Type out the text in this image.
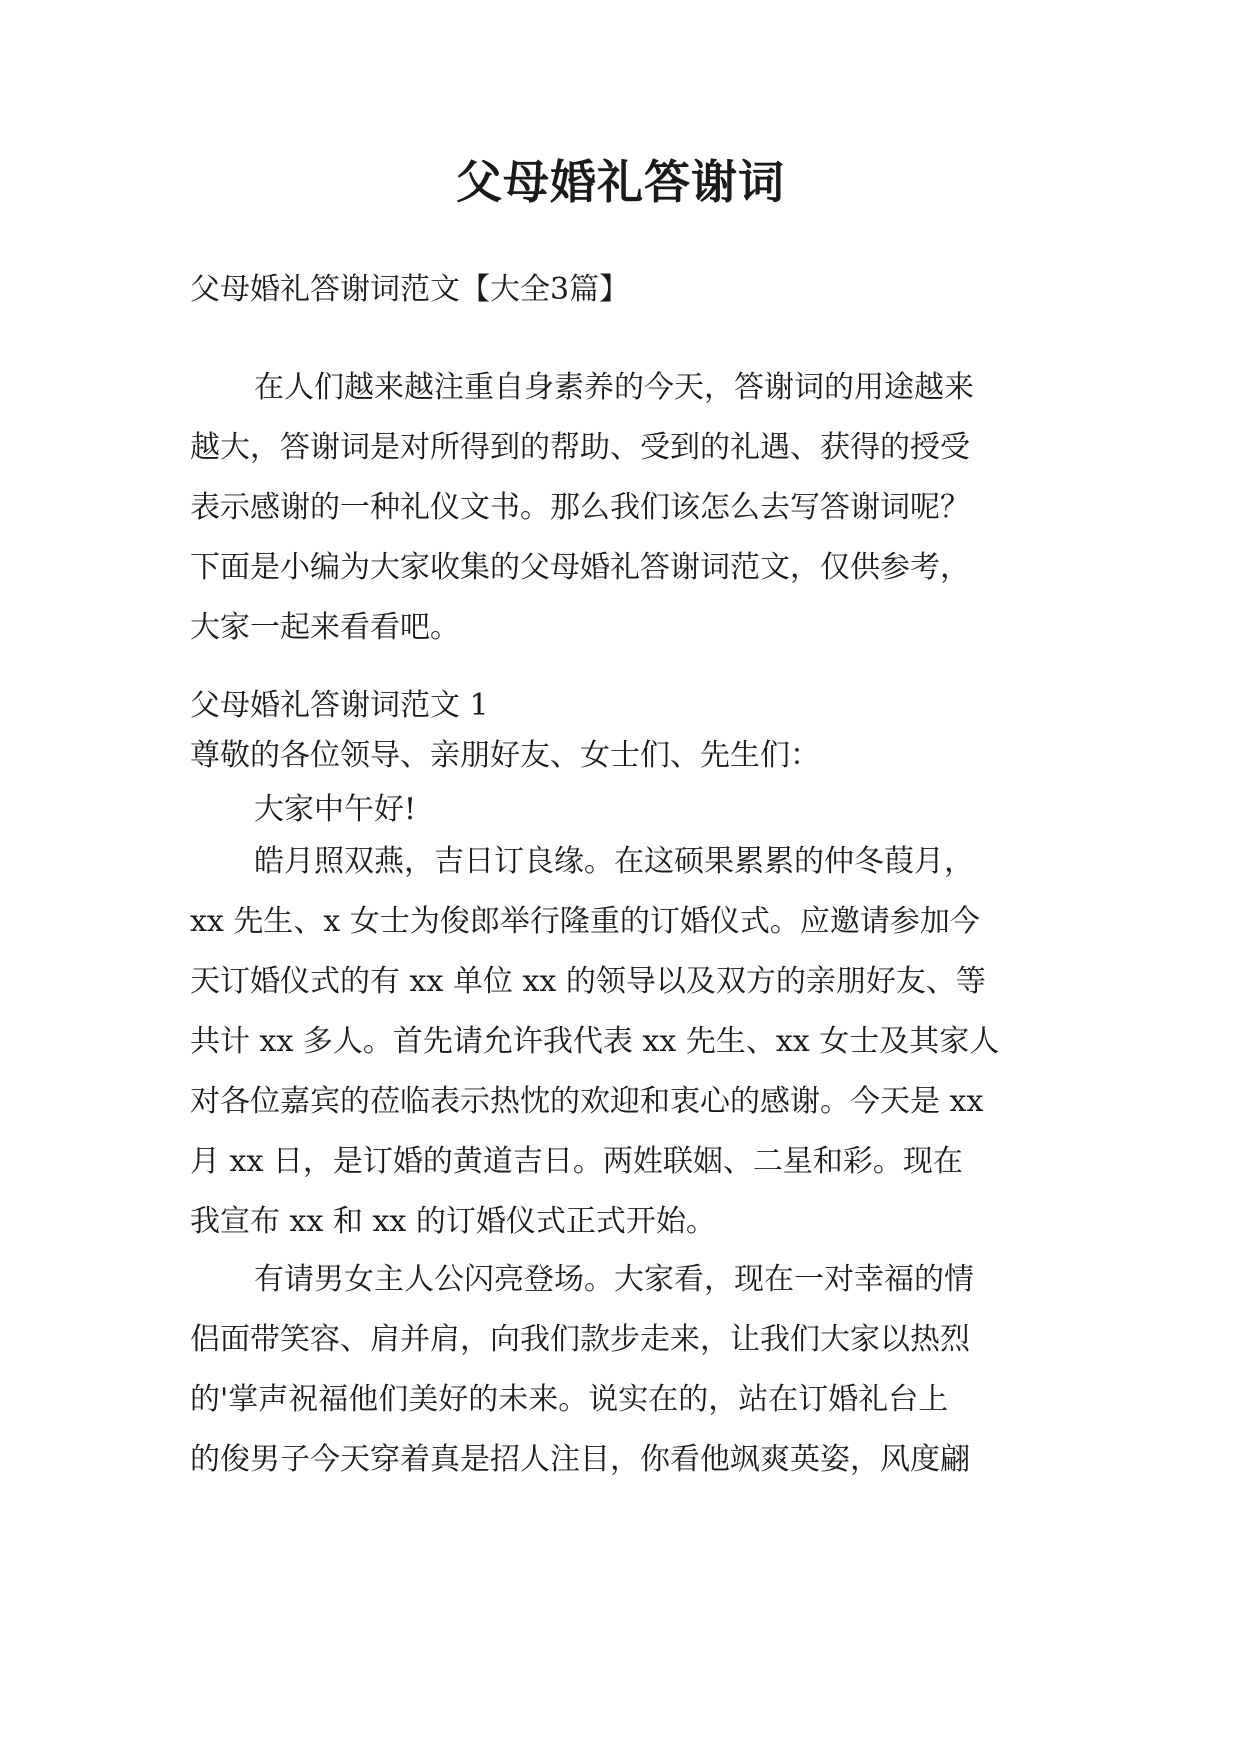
父母婚礼答谢词
父母婚礼答谢词范文【大全3篇】
在人们越来越注重自身素养的今天，答谢词的用途越来
越大，答谢词是对所得到的帮助、受到的礼遇、获得的授受
表示感谢的一种礼仪文书。那么我们该怎么去写答谢词呢？
下面是小编为大家收集的父母婚礼答谢词范文，仅供参考，
大家一起来看看吧。
父母婚礼答谢词范文 1
尊敬的各位领导、亲朋好友、女士们、先生们：
大家中午好!
皓月照双燕，吉日订良缘。在这硕果累累的仲冬葭月，
xx 先生、x 女士为俊郎举行隆重的订婚仪式。应邀请参加今
天订婚仪式的有 xx 单位 xx 的领导以及双方的亲朋好友、等
共计 xx 多人。首先请允许我代表 xx 先生、xx 女士及其家人
对各位嘉宾的莅临表示热忱的欢迎和衷心的感谢。今天是 xx
月 xx 日，是订婚的黄道吉日。两姓联姻、二星和彩。现在
我宣布 xx 和 xx 的订婚仪式正式开始。
有请男女主人公闪亮登场。大家看，现在一对幸福的情
侣面带笑容、肩并肩，向我们款步走来，让我们大家以热烈
的'掌声祝福他们美好的未来。说实在的，站在订婚礼台上
的俊男子今天穿着真是招人注目，你看他飒爽英姿，风度翩
